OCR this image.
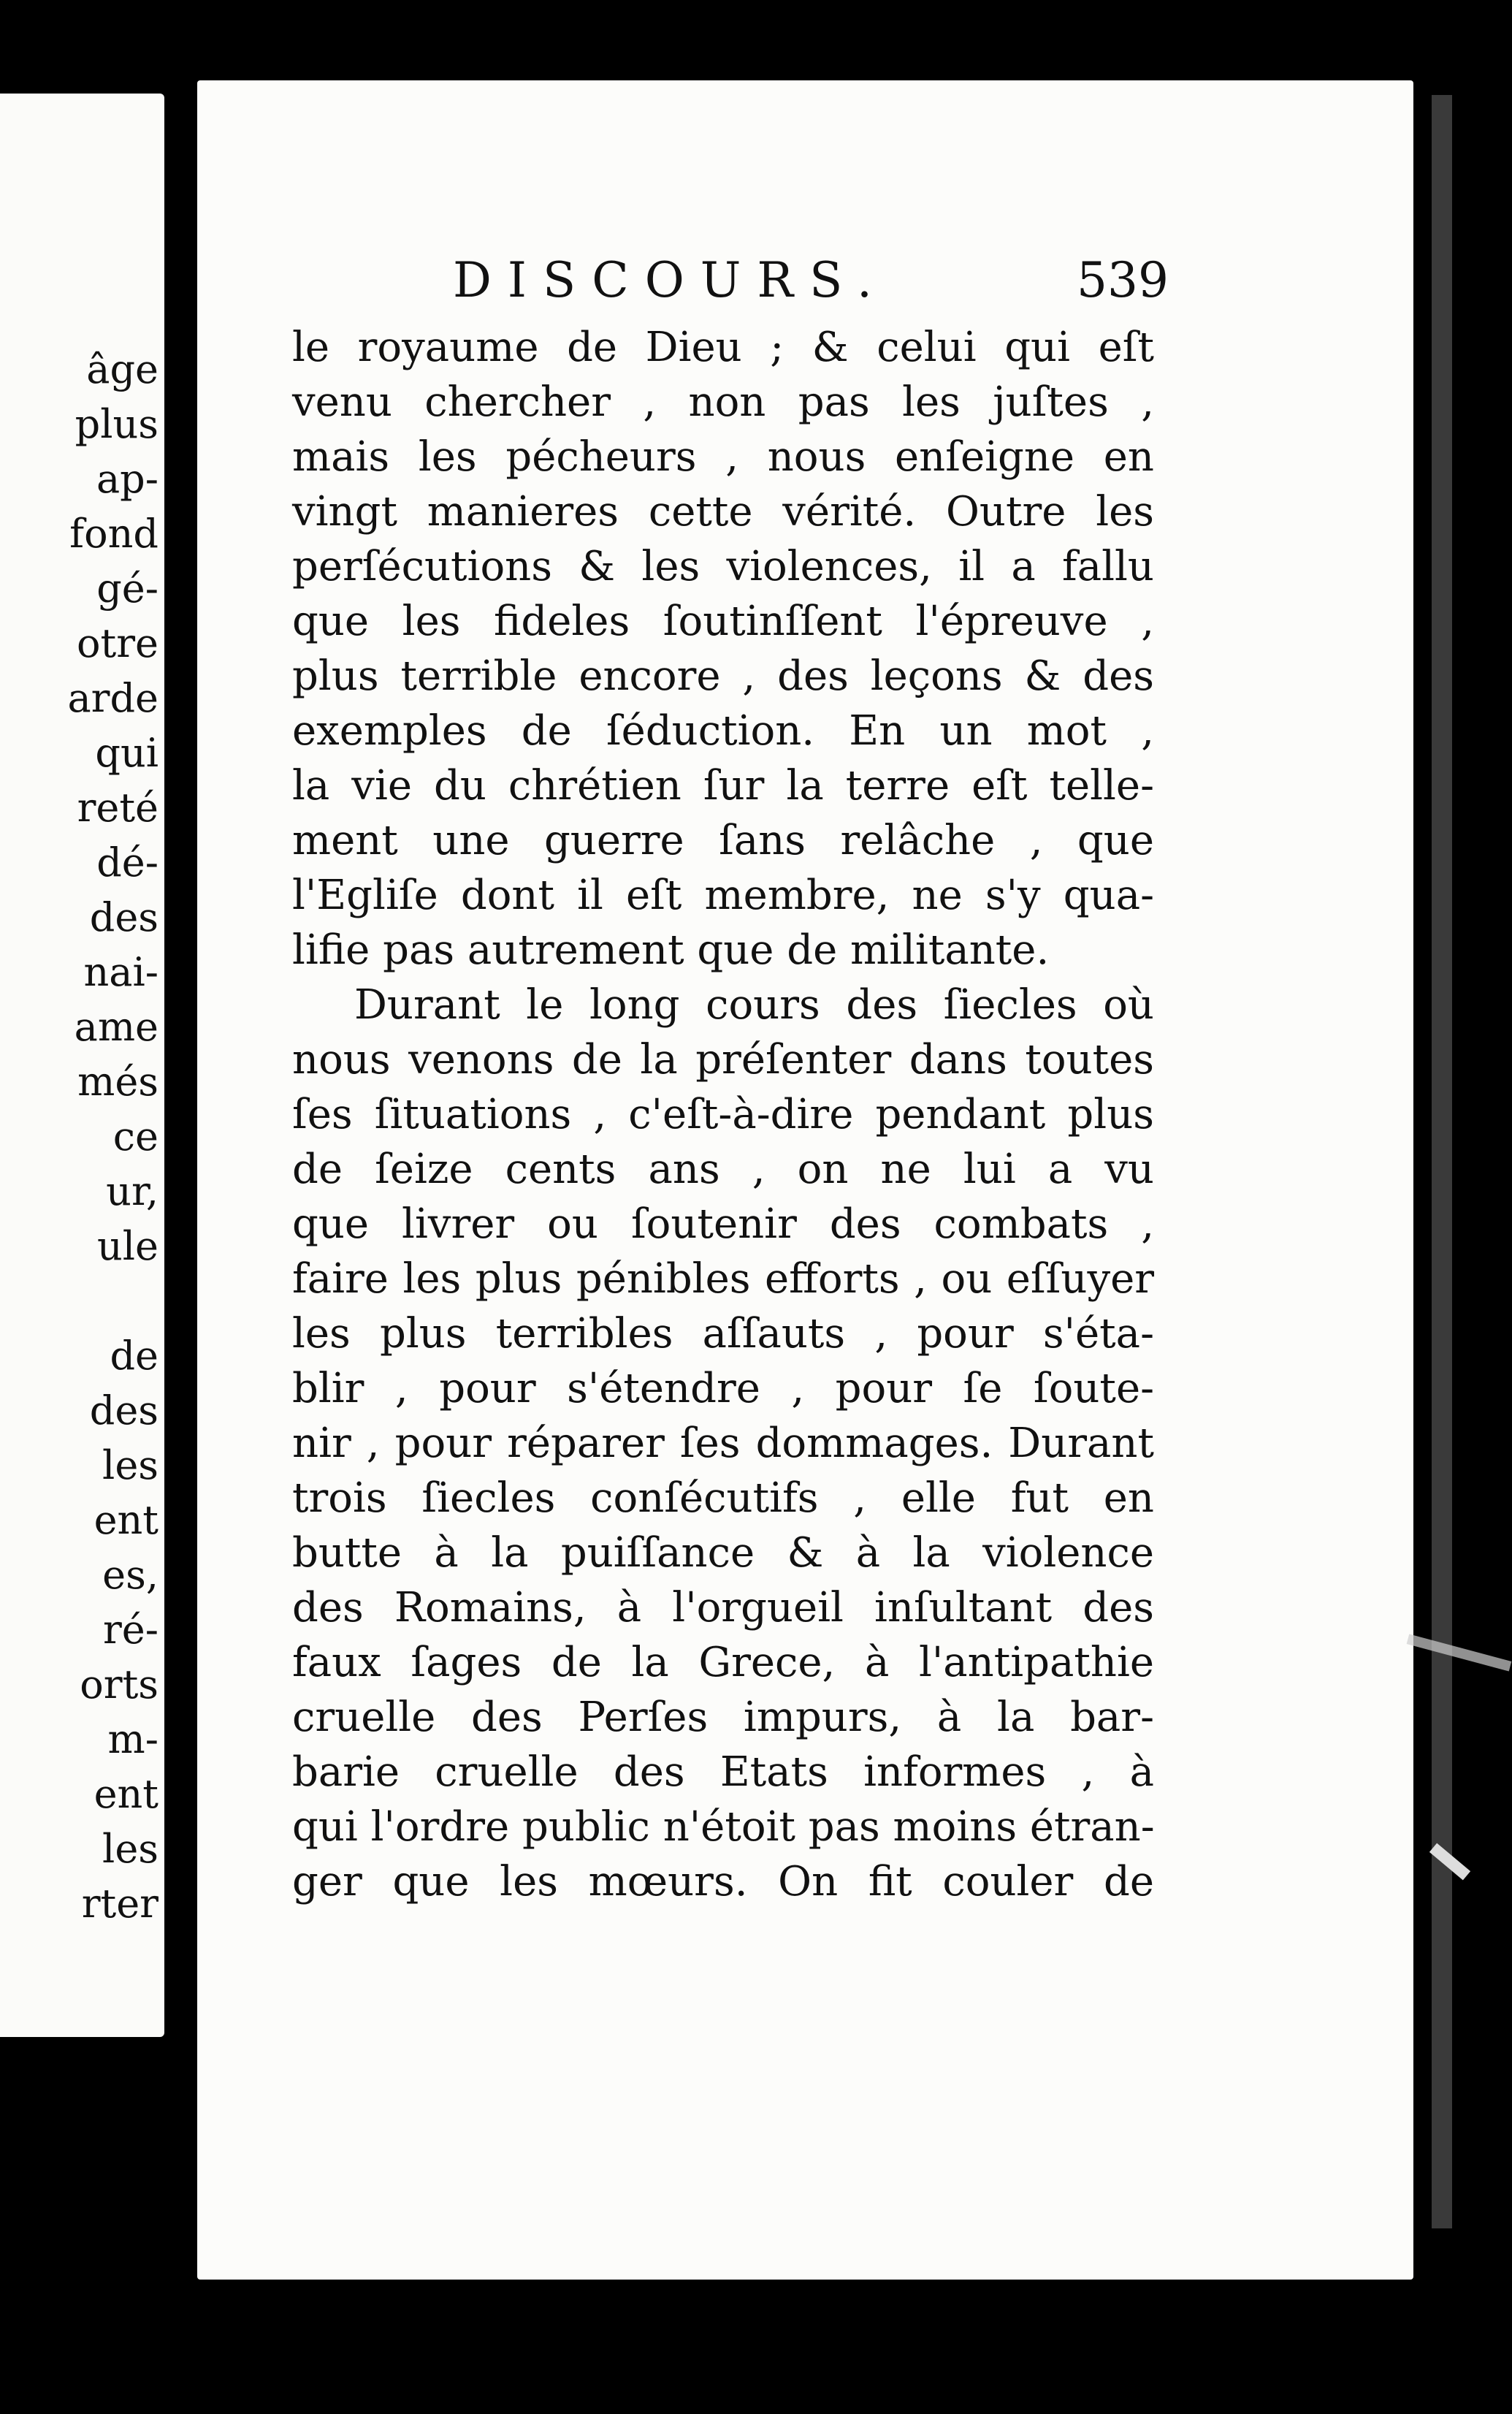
âge
plus
ap-
fond
gé-
otre
arde
qui
reté
dé-
des
nai-
ame
més
ce
ur,
ule
de
des
les
ent
es,
ré-
orts
m-
ent
les
rter
DISCOURS.	539
le royaume de Dieu ; & celui qui eſt
venu chercher , non pas les juſtes ,
mais les pécheurs , nous enſeigne en
vingt manieres cette vérité. Outre les
perſécutions & les violences, il a fallu
que les fideles ſoutinſſent l'épreuve ,
plus terrible encore , des leçons & des
exemples de ſéduction. En un mot ,
la vie du chrétien ſur la terre eſt telle-
ment une guerre ſans relâche , que
l'Egliſe dont il eſt membre, ne s'y qua-
lifie pas autrement que de militante.
Durant le long cours des ſiecles où
nous venons de la préſenter dans toutes
ſes ſituations , c'eſt-à-dire pendant plus
de ſeize cents ans , on ne lui a vu
que livrer ou ſoutenir des combats ,
faire les plus pénibles efforts , ou eſſuyer
les plus terribles aſſauts , pour s'éta-
blir , pour s'étendre , pour ſe ſoute-
nir , pour réparer ſes dommages. Durant
trois ſiecles conſécutifs , elle fut en
butte à la puiſſance & à la violence
des Romains, à l'orgueil inſultant des
faux ſages de la Grece, à l'antipathie
cruelle des Perſes impurs, à la bar-
barie cruelle des Etats informes , à
qui l'ordre public n'étoit pas moins étran-
ger que les mœurs. On fit couler de
